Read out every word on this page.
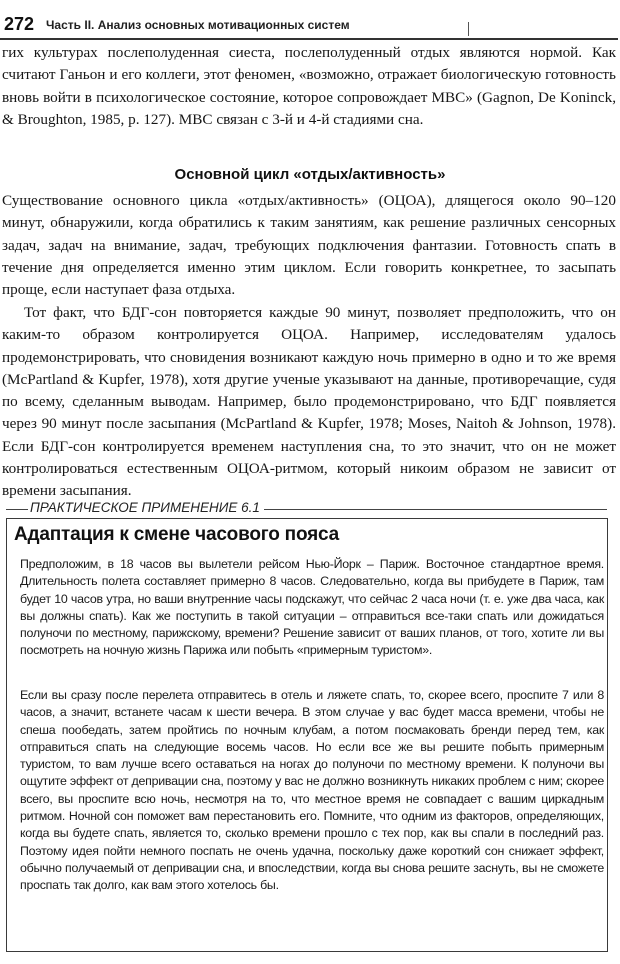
272 Часть II. Анализ основных мотивационных систем

гих культурах послеполуденная сиеста, послеполуденный отдых являются нормой. Как считают Ганьон и его коллеги, этот феномен, «возможно, отражает биологическую готовность вновь войти в психологическое состояние, которое сопровождает МВС» (Gagnon, De Koninck, & Broughton, 1985, p. 127). МВС связан с 3-й и 4-й стадиями сна.

Основной цикл «отдых/активность»

Существование основного цикла «отдых/активность» (ОЦОА), длящегося около 90–120 минут, обнаружили, когда обратились к таким занятиям, как решение различных сенсорных задач, задач на внимание, задач, требующих подключения фантазии. Готовность спать в течение дня определяется именно этим циклом. Если говорить конкретнее, то засыпать проще, если наступает фаза отдыха.

Тот факт, что БДГ-сон повторяется каждые 90 минут, позволяет предположить, что он каким-то образом контролируется ОЦОА. Например, исследователям удалось продемонстрировать, что сновидения возникают каждую ночь примерно в одно и то же время (McPartland & Kupfer, 1978), хотя другие ученые указывают на данные, противоречащие, судя по всему, сделанным выводам. Например, было продемонстрировано, что БДГ появляется через 90 минут после засыпания (McPartland & Kupfer, 1978; Moses, Naitoh & Johnson, 1978). Если БДГ-сон контролируется временем наступления сна, то это значит, что он не может контролироваться естественным ОЦОА-ритмом, который никоим образом не зависит от времени засыпания.

ПРАКТИЧЕСКОЕ ПРИМЕНЕНИЕ 6.1
Адаптация к смене часового пояса

Предположим, в 18 часов вы вылетели рейсом Нью-Йорк – Париж. Восточное стандартное время. Длительность полета составляет примерно 8 часов. Следовательно, когда вы прибудете в Париж, там будет 10 часов утра, но ваши внутренние часы подскажут, что сейчас 2 часа ночи (т. е. уже два часа, как вы должны спать). Как же поступить в такой ситуации – отправиться все-таки спать или дожидаться полуночи по местному, парижскому, времени? Решение зависит от ваших планов, от того, хотите ли вы посмотреть на ночную жизнь Парижа или побыть «примерным туристом».

Если вы сразу после перелета отправитесь в отель и ляжете спать, то, скорее всего, проспите 7 или 8 часов, а значит, встанете часам к шести вечера. В этом случае у вас будет масса времени, чтобы не спеша пообедать, затем пройтись по ночным клубам, а потом посмаковать бренди перед тем, как отправиться спать на следующие восемь часов. Но если все же вы решите побыть примерным туристом, то вам лучше всего оставаться на ногах до полуночи по местному времени. К полуночи вы ощутите эффект от депривации сна, поэтому у вас не должно возникнуть никаких проблем с ним; скорее всего, вы проспите всю ночь, несмотря на то, что местное время не совпадает с вашим циркадным ритмом. Ночной сон поможет вам перестановить его. Помните, что одним из факторов, определяющих, когда вы будете спать, является то, сколько времени прошло с тех пор, как вы спали в последний раз. Поэтому идея пойти немного поспать не очень удачна, поскольку даже короткий сон снижает эффект, обычно получаемый от депривации сна, и впоследствии, когда вы снова решите заснуть, вы не сможете проспать так долго, как вам этого хотелось бы.
